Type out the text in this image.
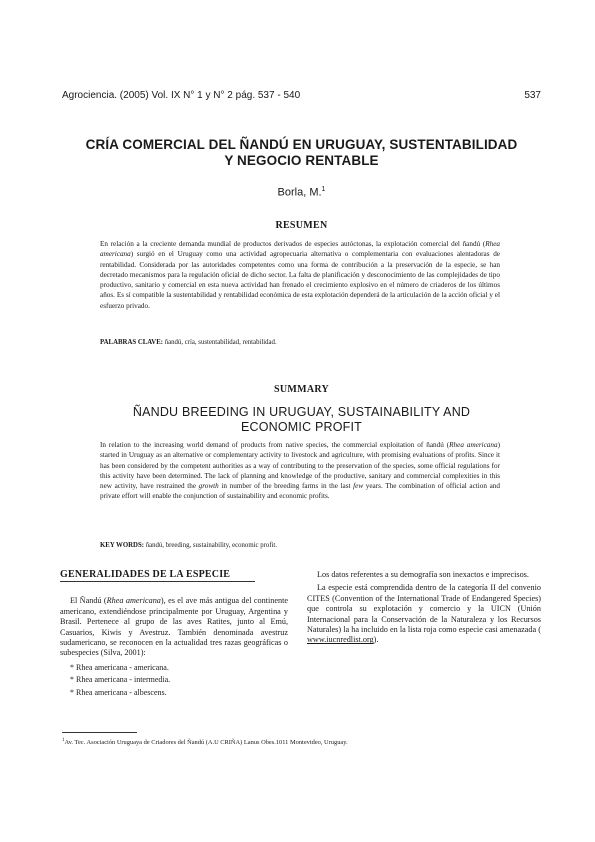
Agrociencia. (2005) Vol. IX N° 1 y N° 2 pág. 537 - 540	537
CRÍA COMERCIAL DEL ÑANDÚ EN URUGUAY, SUSTENTABILIDAD
Y NEGOCIO RENTABLE
Borla, M.$^1$
RESUMEN

En relación a la creciente demanda mundial de productos derivados de especies autóctonas, la explotación comercial del ñandú (Rhea americana) surgió en el Uruguay como una actividad agropecuaria alternativa o complementaria con evaluaciones alentadoras de rentabilidad. Considerada por las autoridades competentes como una forma de contribución a la preservación de la especie, se han decretado mecanismos para la regulación oficial de dicho sector. La falta de planificación y desconocimiento de las complejidades de tipo productivo, sanitario y comercial en esta nueva actividad han frenado el crecimiento explosivo en el número de criaderos de los últimos años. Es sí compatible la sustentabilidad y rentabilidad económica de esta explotación dependerá de la articulación de la acción oficial y el esfuerzo privado.

PALABRAS CLAVE: ñandú, cría, sustentabilidad, rentabilidad.
SUMMARY
ÑANDU BREEDING IN URUGUAY, SUSTAINABILITY AND
ECONOMIC PROFIT

In relation to the increasing world demand of products from native species, the commercial exploitation of ñandú (Rhea americana) started in Uruguay as an alternative or complementary activity to livestock and agriculture, with promising evaluations of profits. Since it has been considered by the competent authorities as a way of contributing to the preservation of the species, some official regulations for this activity have been determined. The lack of planning and knowledge of the productive, sanitary and commercial complexities in this new activity, have restrained the growth in number of the breeding farms in the last few years. The combination of official action and private effort will enable the conjunction of sustainability and economic profits.

KEY WORDS: ñandú, breeding, sustainability, economic profit.
GENERALIDADES DE LA ESPECIE

El Ñandú (Rhea americana), es el ave más antigua del continente americano, extendiéndose principalmente por Uruguay, Argentina y Brasil. Pertenece al grupo de las aves Ratites, junto al Emú, Casuarios, Kiwis y Avestruz. También denominada avestruz sudamericano, se reconocen en la actualidad tres razas geográficas o subespecies (Silva, 2001):

* Rhea americana - americana.
* Rhea americana - intermedia.
* Rhea americana - albescens.

Los datos referentes a su demografía son inexactos e imprecisos.

La especie está comprendida dentro de la categoría II del convenio CITES (Convention of the International Trade of Endangered Species) que controla su explotación y comercio y la UICN (Unión Internacional para la Conservación de la Naturaleza y los Recursos Naturales) la ha incluido en la lista roja como especie casi amenazada ( www.iucnredlist.org).

$^1$Av. Tec. Asociación Uruguaya de Criadores del Ñandú (A.U CRIÑA) Lanus Obes.1011 Montevideo, Uruguay.
